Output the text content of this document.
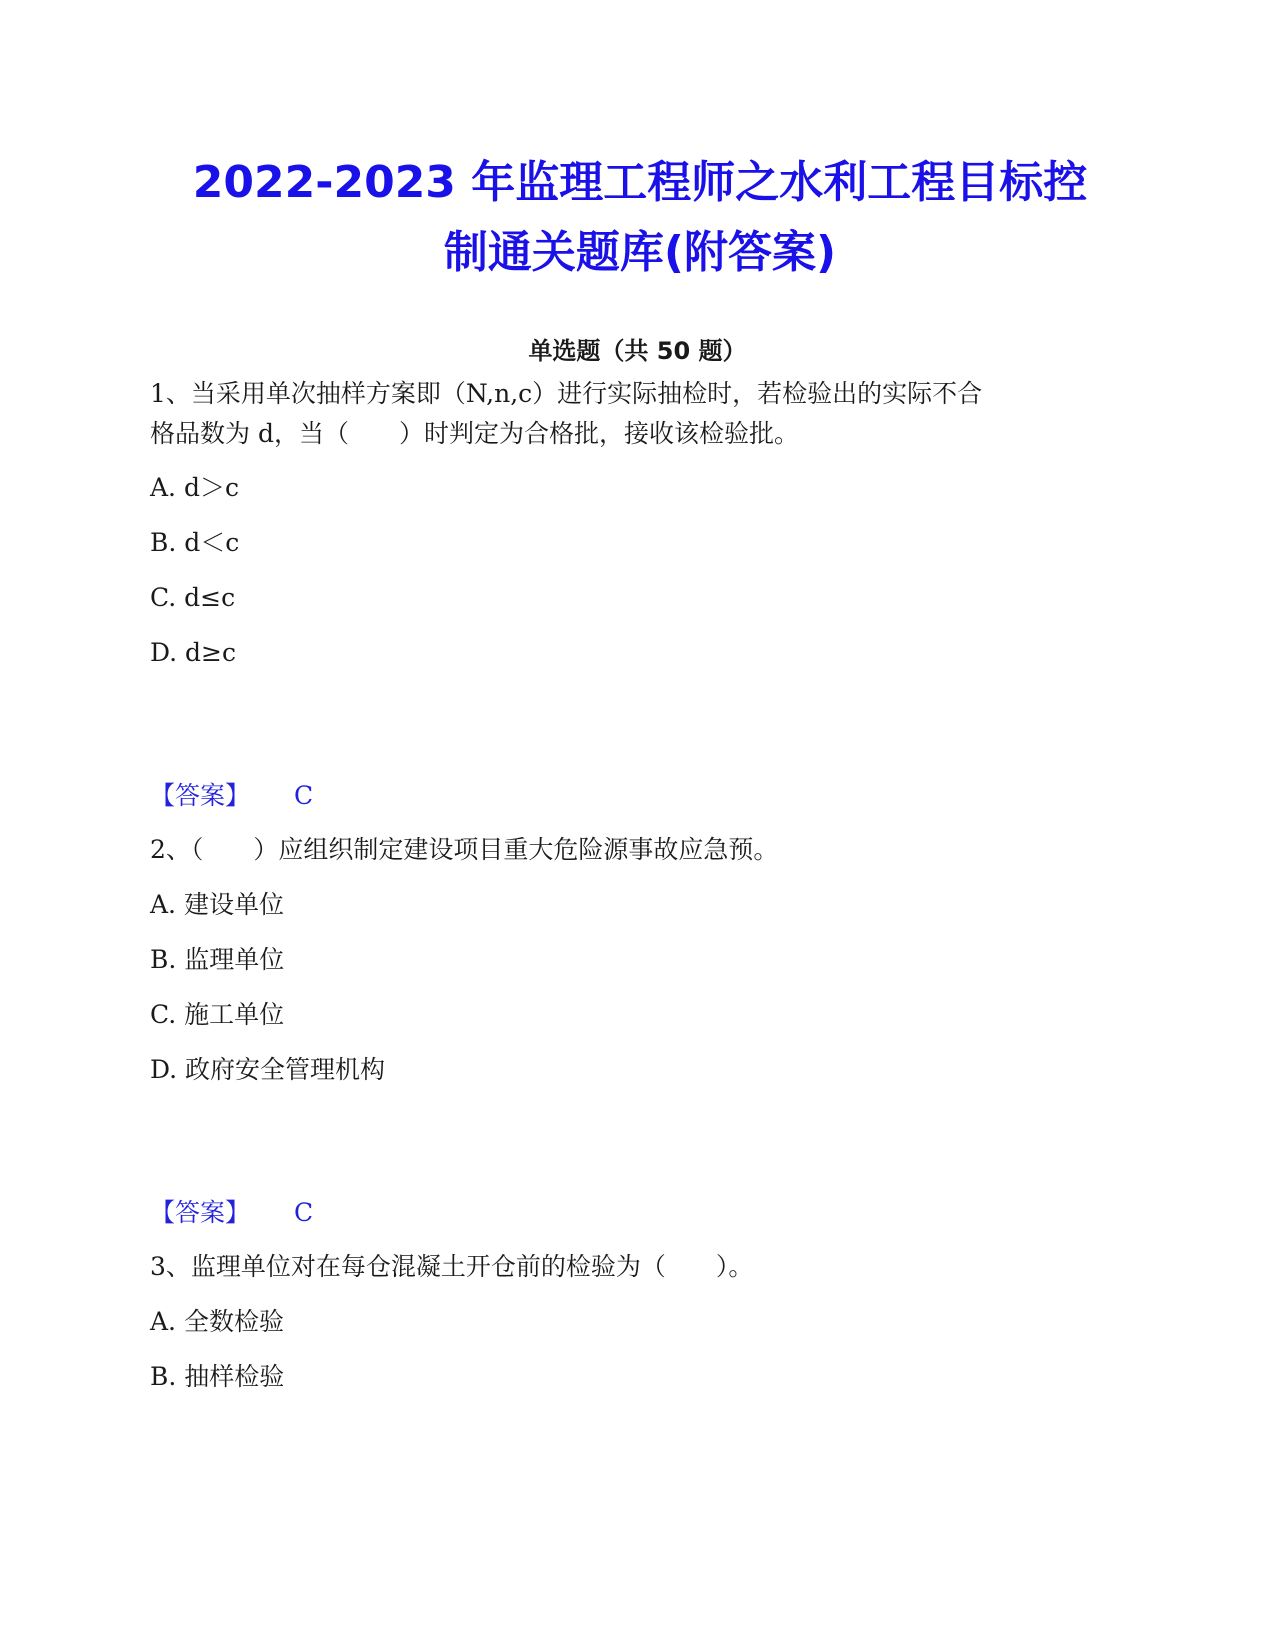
2022-2023 年监理工程师之水利工程目标控
制通关题库(附答案)
单选题（共 50 题）

1、当采用单次抽样方案即（N,n,c）进行实际抽检时，若检验出的实际不合

格品数为 d，当（　　）时判定为合格批，接收该检验批。

A. d＞c

B. d＜c

C. d≤c

D. d≥c

【答案】 C

2、（　　）应组织制定建设项目重大危险源事故应急预。

A. 建设单位

B. 监理单位

C. 施工单位

D. 政府安全管理机构

【答案】 C

3、监理单位对在每仓混凝土开仓前的检验为（　　）。

A. 全数检验

B. 抽样检验
